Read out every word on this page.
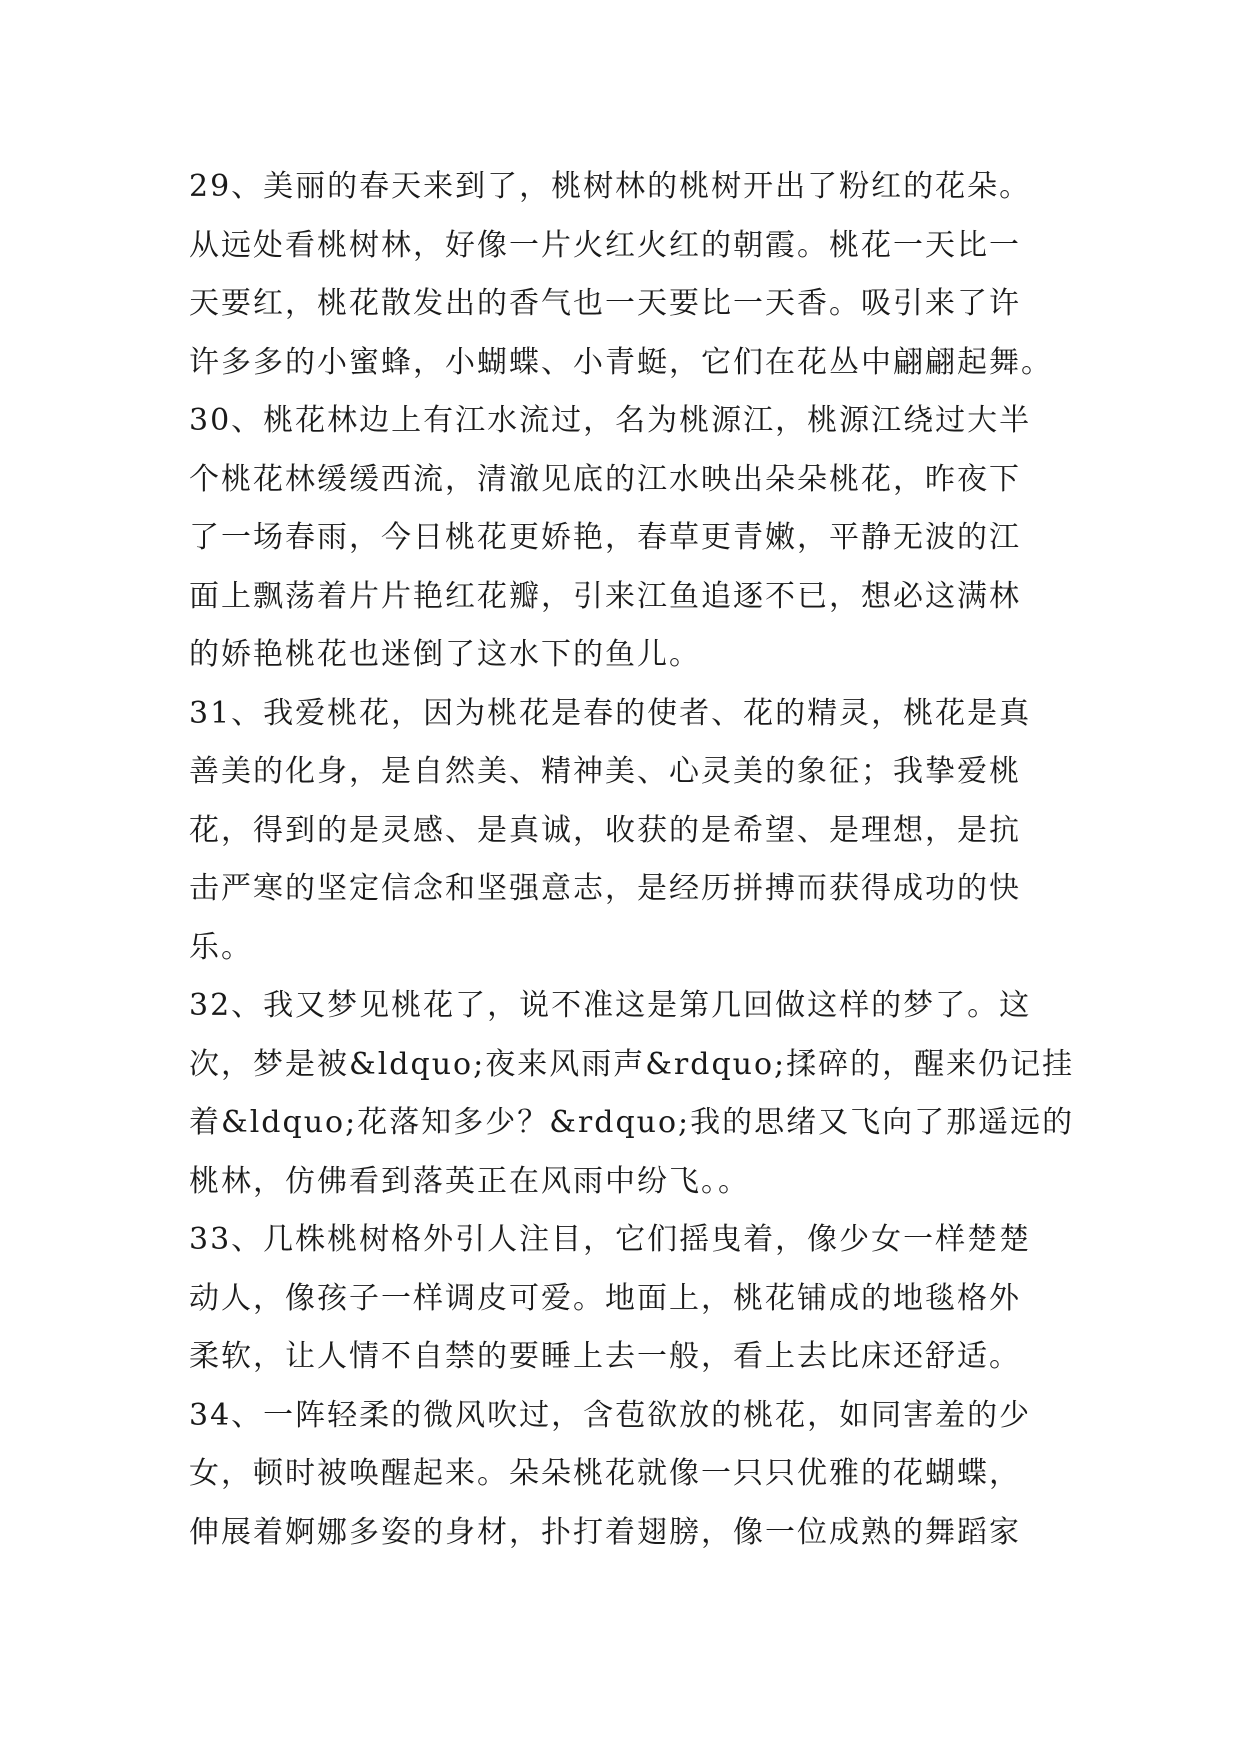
29、美丽的春天来到了，桃树林的桃树开出了粉红的花朵。

从远处看桃树林，好像一片火红火红的朝霞。桃花一天比一

天要红，桃花散发出的香气也一天要比一天香。吸引来了许

许多多的小蜜蜂，小蝴蝶、小青蜓，它们在花丛中翩翩起舞。

30、桃花林边上有江水流过，名为桃源江，桃源江绕过大半

个桃花林缓缓西流，清澈见底的江水映出朵朵桃花，昨夜下

了一场春雨，今日桃花更娇艳，春草更青嫩，平静无波的江

面上飘荡着片片艳红花瓣，引来江鱼追逐不已，想必这满林

的娇艳桃花也迷倒了这水下的鱼儿。

31、我爱桃花，因为桃花是春的使者、花的精灵，桃花是真

善美的化身，是自然美、精神美、心灵美的象征；我挚爱桃

花，得到的是灵感、是真诚，收获的是希望、是理想，是抗

击严寒的坚定信念和坚强意志，是经历拼搏而获得成功的快

乐。

32、我又梦见桃花了，说不准这是第几回做这样的梦了。这

次，梦是被&ldquo;夜来风雨声&rdquo;揉碎的，醒来仍记挂

着&ldquo;花落知多少？&rdquo;我的思绪又飞向了那遥远的

桃林，仿佛看到落英正在风雨中纷飞。。

33、几株桃树格外引人注目，它们摇曳着，像少女一样楚楚

动人，像孩子一样调皮可爱。地面上，桃花铺成的地毯格外

柔软，让人情不自禁的要睡上去一般，看上去比床还舒适。

34、一阵轻柔的微风吹过，含苞欲放的桃花，如同害羞的少

女，顿时被唤醒起来。朵朵桃花就像一只只优雅的花蝴蝶，

伸展着婀娜多姿的身材，扑打着翅膀，像一位成熟的舞蹈家
